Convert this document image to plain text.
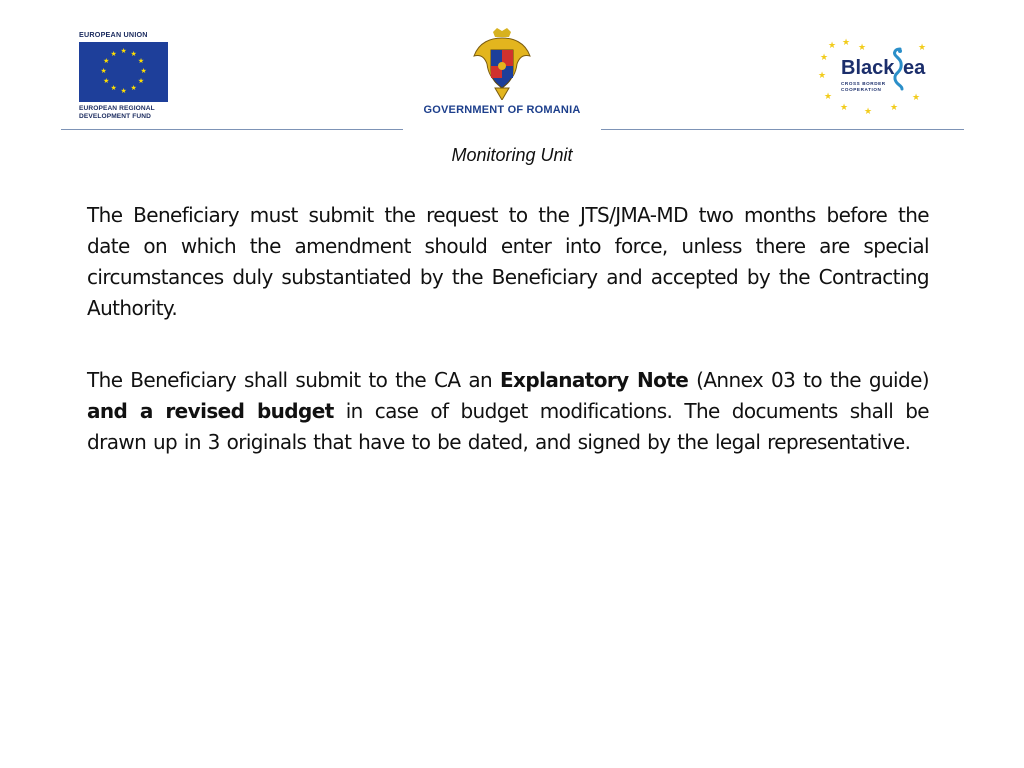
EUROPEAN UNION
★ ★
★
★
★
★
★
★
★
★
★
★
EUROPEAN REGIONAL
DEVELOPMENT FUND
GOVERNMENT OF ROMANIA
★
★ ★ ★
★
★
★ ★ ★
★
★
Black ea
CROSS BORDER
COOPERATION
Monitoring Unit

The Beneficiary must submit the request to the JTS/JMA-MD two months before the date on which the amendment should enter into force, unless there are special circumstances duly substantiated by the Beneficiary and accepted by the Contracting Authority.

The Beneficiary shall submit to the CA an Explanatory Note (Annex 03 to the guide) and a revised budget in case of budget modifications. The documents shall be drawn up in 3 originals that have to be dated, and signed by the legal representative.
